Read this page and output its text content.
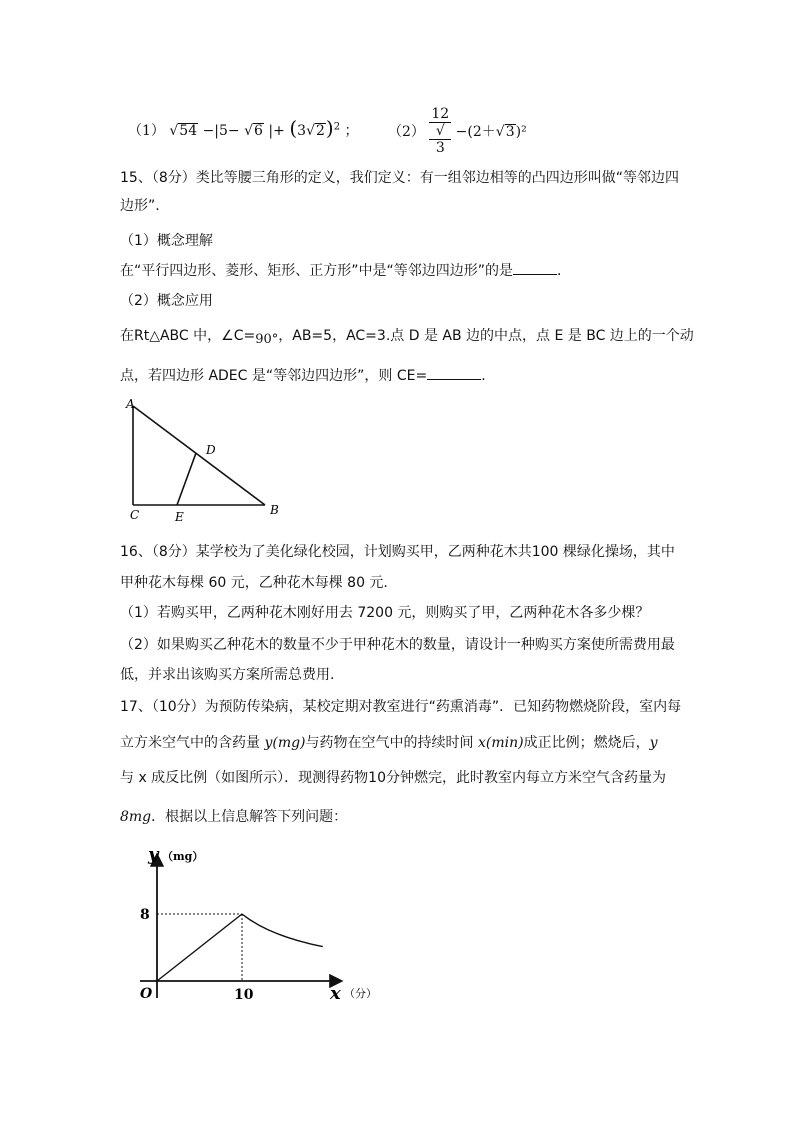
（1） √54 −|5− √6 |+ $(3√2)^2$ ； （2） 12
√
3 −(2＋√3)²
15、（8分）类比等腰三角形的定义，我们定义：有一组邻边相等的凸四边形叫做“等邻边四
边形”.
（1）概念理解
在“平行四边形、菱形、矩形、正方形”中是“等邻边四边形”的是	.
（2）概念应用
在Rt△ABC 中，∠C=90°，AB=5，AC=3.点 D 是 AB 边的中点，点 E 是 BC 边上的一个动
点，若四边形 ADEC 是“等邻边四边形”，则 CE=	.
A
D
C	E	B
16、（8分）某学校为了美化绿化校园，计划购买甲，乙两种花木共100 棵绿化操场，其中
甲种花木每棵 60 元，乙种花木每棵 80 元.
（1）若购买甲，乙两种花木刚好用去 7200 元，则购买了甲，乙两种花木各多少棵？
（2）如果购买乙种花木的数量不少于甲种花木的数量，请设计一种购买方案使所需费用最
低，并求出该购买方案所需总费用.
17、（10分）为预防传染病，某校定期对教室进行“药熏消毒”．已知药物燃烧阶段，室内每
立方米空气中的含药量 y(mg)与药物在空气中的持续时间 x(min)成正比例；燃烧后，y
与 x 成反比例（如图所示）．现测得药物10分钟燃完，此时教室内每立方米空气含药量为
8mg．根据以上信息解答下列问题：
y （mg）
8
O	10	x （分）
